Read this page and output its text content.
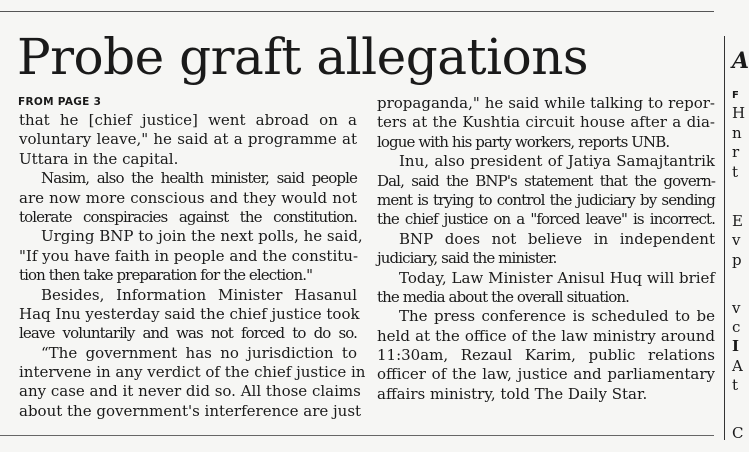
Probe graft allegations
FROM PAGE 3
that he [chief justice] went abroad on a
voluntary leave," he said at a programme at
Uttara in the capital.
Nasim, also the health minister, said people
are now more conscious and they would not
tolerate conspiracies against the constitution.
Urging BNP to join the next polls, he said,
"If you have faith in people and the constitu-
tion then take preparation for the election."
Besides, Information Minister Hasanul
Haq Inu yesterday said the chief justice took
leave voluntarily and was not forced to do so.
“The government has no jurisdiction to
intervene in any verdict of the chief justice in
any case and it never did so. All those claims
about the government's interference are just
propaganda," he said while talking to repor-
ters at the Kushtia circuit house after a dia-
logue with his party workers, reports UNB.
Inu, also president of Jatiya Samajtantrik
Dal, said the BNP's statement that the govern-
ment is trying to control the judiciary by sending
the chief justice on a "forced leave" is incorrect.
BNP does not believe in independent
judiciary, said the minister.
Today, Law Minister Anisul Huq will brief
the media about the overall situation.
The press conference is scheduled to be
held at the office of the law ministry around
11:30am, Rezaul Karim, public relations
officer of the law, justice and parliamentary
affairs ministry, told The Daily Star.
A
F
H
n
r
t
E
v
p
v
c
I
A
t
C
